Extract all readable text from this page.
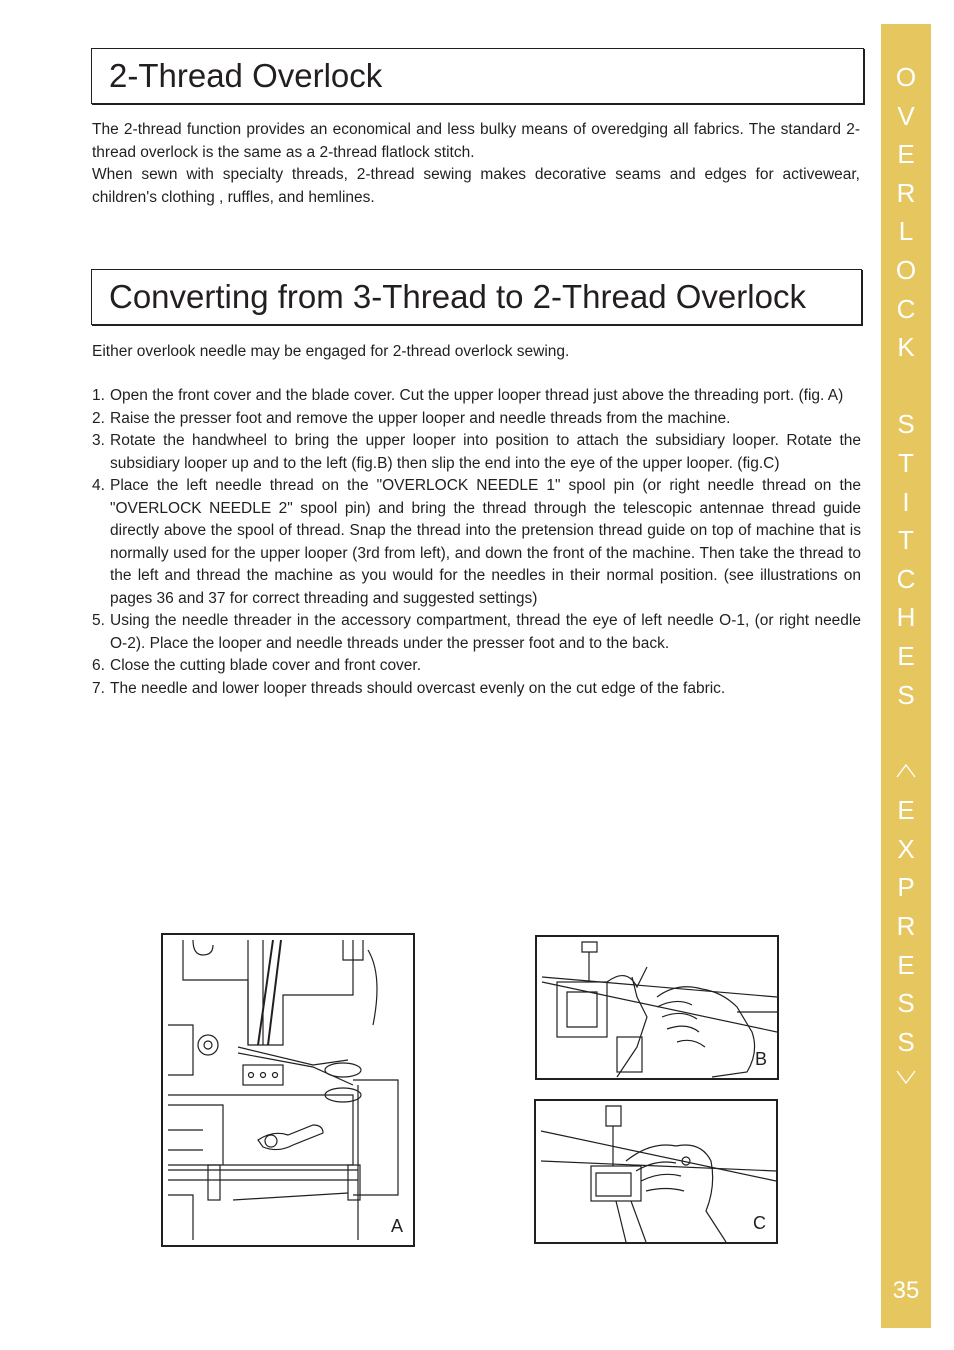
2-Thread Overlock

The 2-thread function provides an economical and less bulky means of overedging all fabrics. The standard 2-thread overlock is the same as a 2-thread flatlock stitch.

When sewn with specialty threads, 2-thread sewing makes decorative seams and edges for activewear, children's clothing , ruffles, and hemlines.

Converting from 3-Thread to 2-Thread Overlock

Either overlook needle may be engaged for 2-thread overlock sewing.

1. Open the front cover and the blade cover. Cut the upper looper thread just above the threading port. (fig. A)
2. Raise the presser foot and remove the upper looper and needle threads from the machine.
3. Rotate the handwheel to bring the upper looper into position to attach the subsidiary looper. Rotate the subsidiary looper up and to the left (fig.B) then slip the end into the eye of the upper looper. (fig.C)
4. Place the left needle thread on the "OVERLOCK NEEDLE 1" spool pin (or right needle thread on the "OVERLOCK NEEDLE 2" spool pin) and bring the thread through the telescopic antennae thread guide directly above the spool of thread. Snap the thread into the pretension thread guide on top of machine that is normally used for the upper looper (3rd from left), and down the front of the machine. Then take the thread to the left and thread the machine as you would for the needles in their normal position. (see illustrations on pages 36 and 37 for correct threading and suggested settings)
5. Using the needle threader in the accessory compartment, thread the eye of left needle O-1, (or right needle O-2). Place the looper and needle threads under the presser foot and to the back.
6. Close the cutting blade cover and front cover.
7. The needle and lower looper threads should overcast evenly on the cut edge of the fabric.
A
B
C
O
V
E
R
L
O
C
K
S
T
I
T
C
H
E
S
E
X
P
R
E
S
S
35
